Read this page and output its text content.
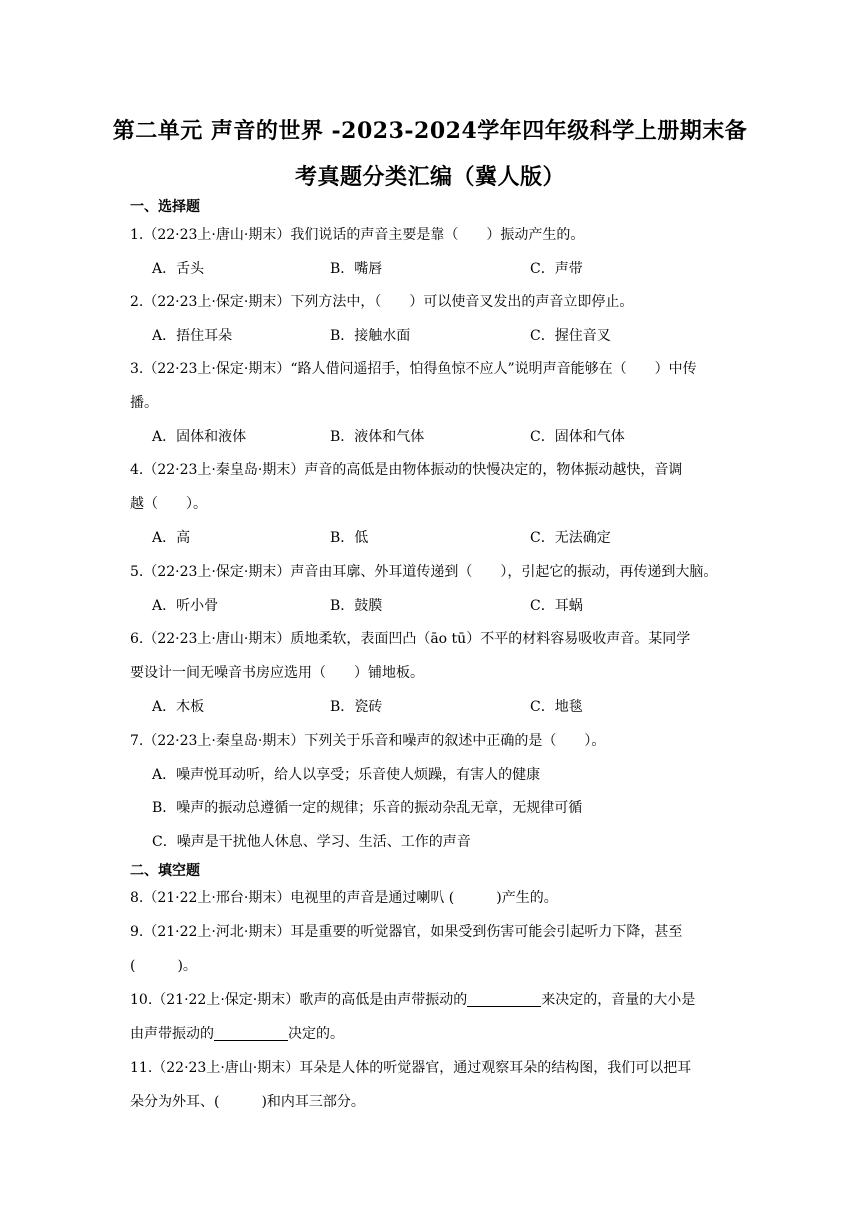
第二单元 声音的世界 -2023-2024学年四年级科学上册期末备
考真题分类汇编（冀人版）
一、选择题
1.（22·23上·唐山·期末）我们说话的声音主要是靠（　　）振动产生的。
A．舌头	B．嘴唇	C．声带
2.（22·23上·保定·期末）下列方法中，（　　）可以使音叉发出的声音立即停止。
A．捂住耳朵	B．接触水面	C．握住音叉
3.（22·23上·保定·期末）“路人借问遥招手，怕得鱼惊不应人”说明声音能够在（　　）中传
播。
A．固体和液体	B．液体和气体	C．固体和气体
4.（22·23上·秦皇岛·期末）声音的高低是由物体振动的快慢决定的，物体振动越快，音调
越（　　）。
A．高	B．低	C．无法确定
5.（22·23上·保定·期末）声音由耳廓、外耳道传递到（　　），引起它的振动，再传递到大脑。
A．听小骨	B．鼓膜	C．耳蜗
6.（22·23上·唐山·期末）质地柔软，表面凹凸（āo tū）不平的材料容易吸收声音。某同学
要设计一间无噪音书房应选用（　　）铺地板。
A．木板	B．瓷砖	C．地毯
7.（22·23上·秦皇岛·期末）下列关于乐音和噪声的叙述中正确的是（　　）。
A．噪声悦耳动听，给人以享受；乐音使人烦躁，有害人的健康
B．噪声的振动总遵循一定的规律；乐音的振动杂乱无章，无规律可循
C．噪声是干扰他人休息、学习、生活、工作的声音
二、填空题
8.（21·22上·邢台·期末）电视里的声音是通过喇叭 (　　　)产生的。
9.（21·22上·河北·期末）耳是重要的听觉器官，如果受到伤害可能会引起听力下降，甚至
(　　　)。
10.（21·22上·保定·期末）歌声的高低是由声带振动的	来决定的，音量的大小是
由声带振动的	决定的。
11.（22·23上·唐山·期末）耳朵是人体的听觉器官，通过观察耳朵的结构图，我们可以把耳
朵分为外耳、(　　　)和内耳三部分。
